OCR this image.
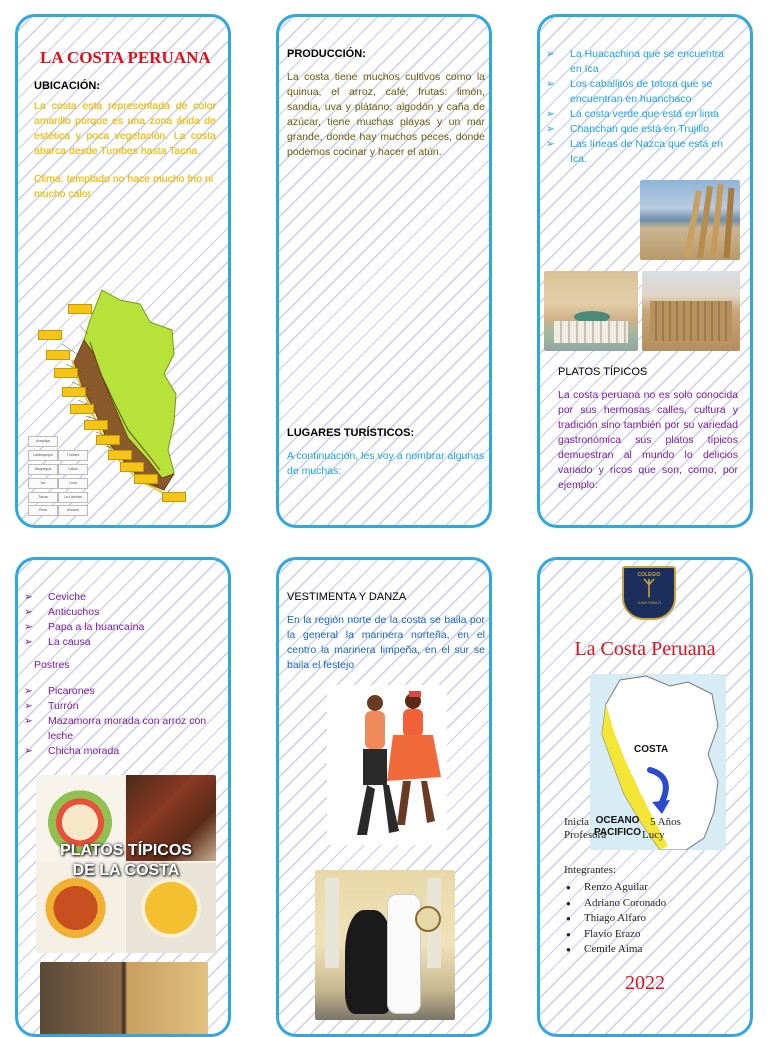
LA COSTA PERUANA
UBICACIÓN:
La costa esta representada de color amarillo porque es una zona árida de estética y poca vegetación. La costa abarca desde Tumbes hasta Tacna.
Clima: templado no hace mucho frio ni mucho calor
Arequipa
Lambayeque	Tumbes
Moquegua	Callao
Ica	Lima
Tacna	La Libertad
Piura	Ancash
PRODUCCIÓN:
La costa tiene muchos cultivos como la quinua, el arroz, café, frutas: limón, sandia, uva y plátano, algodón y caña de azúcar, tiene muchas playas y un mar grande, donde hay muchos peces, donde podemos cocinar y hacer el atún.
LUGARES TURÍSTICOS:
A continuación, les voy a nombrar algunas de muchas:
➢ La Huacachina que se encuentra en Ica
➢ Los caballitos de totora que se encuentran en huanchaco
➢ La costa verde que está en lima
➢ Chanchan que está en Trujillo
➢ Las líneas de Nazca que está en Ica.
PLATOS TÍPICOS
La costa peruana no es solo conocida por sus hermosas calles, cultura y tradición sino también por su variedad gastronómica sus platos típicos demuestran al mundo lo delicios variado y ricos que son, como, por ejemplo:
➢ Ceviche
➢ Anticuchos
➢ Papa a la huancaína
➢ La causa
Postres
➢ Picarones
➢ Turrón
➢ Mazamorra morada con arroz con leche
➢ Chicha morada
PLATOS TÍPICOS
DE LA COSTA
VESTIMENTA Y DANZA
En la región norte de la costa se baila por la general la marinera norteña, en el centro la marinera limpeña, en el sur se baila el festejo
COLEGIO
ᛉ
JUAN PABLO
La Costa Peruana
COSTA
Inicia	5 Años

Profesora	Lucy
OCEANO
PACIFICO
Integrantes:
● Renzo Aguilar
● Adriano Coronado
● Thiago Alfaro
● Flavio Erazo
● Cemile Aima
2022
